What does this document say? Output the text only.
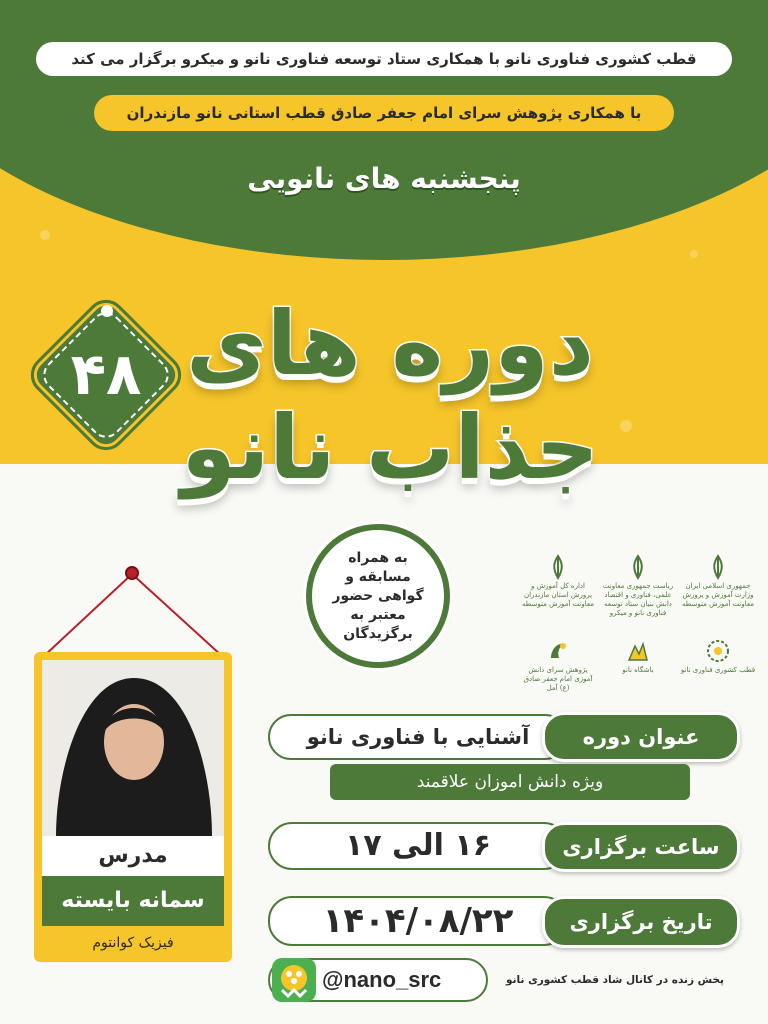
قطب کشوری فناوری نانو با همکاری ستاد توسعه فناوری نانو و میکرو برگزار می کند
با همکاری پژوهش سرای امام جعفر صادق قطب استانی نانو مازندران
پنجشنبه های نانویی
دوره های
جذاب نانو
۴۸
به همراه مسابقه و گواهی حضور معتبر به برگزیدگان
جمهوری اسلامی ایران وزارت آموزش و پرورش معاونت آموزش متوسطه
ریاست جمهوری معاونت علمی، فناوری و اقتصاد دانش بنیان ستاد توسعه فناوری نانو و میکرو
اداره کل آموزش و پرورش استان مازندران معاونت آموزش متوسطه
قطب کشوری فناوری نانو
باشگاه نانو
پژوهش سرای دانش آموزی امام جعفر صادق (ع) آمل
مدرس
سمانه بایسته
فیزیک کوانتوم
آشنایی با فناوری نانو	عنوان دوره
ویژه دانش اموزان علاقمند
۱۶ الی ۱۷	ساعت برگزاری
۱۴۰۴/۰۸/۲۲	تاریخ برگزاری
@nano_src	پخش زنده در کانال شاد قطب کشوری نانو
